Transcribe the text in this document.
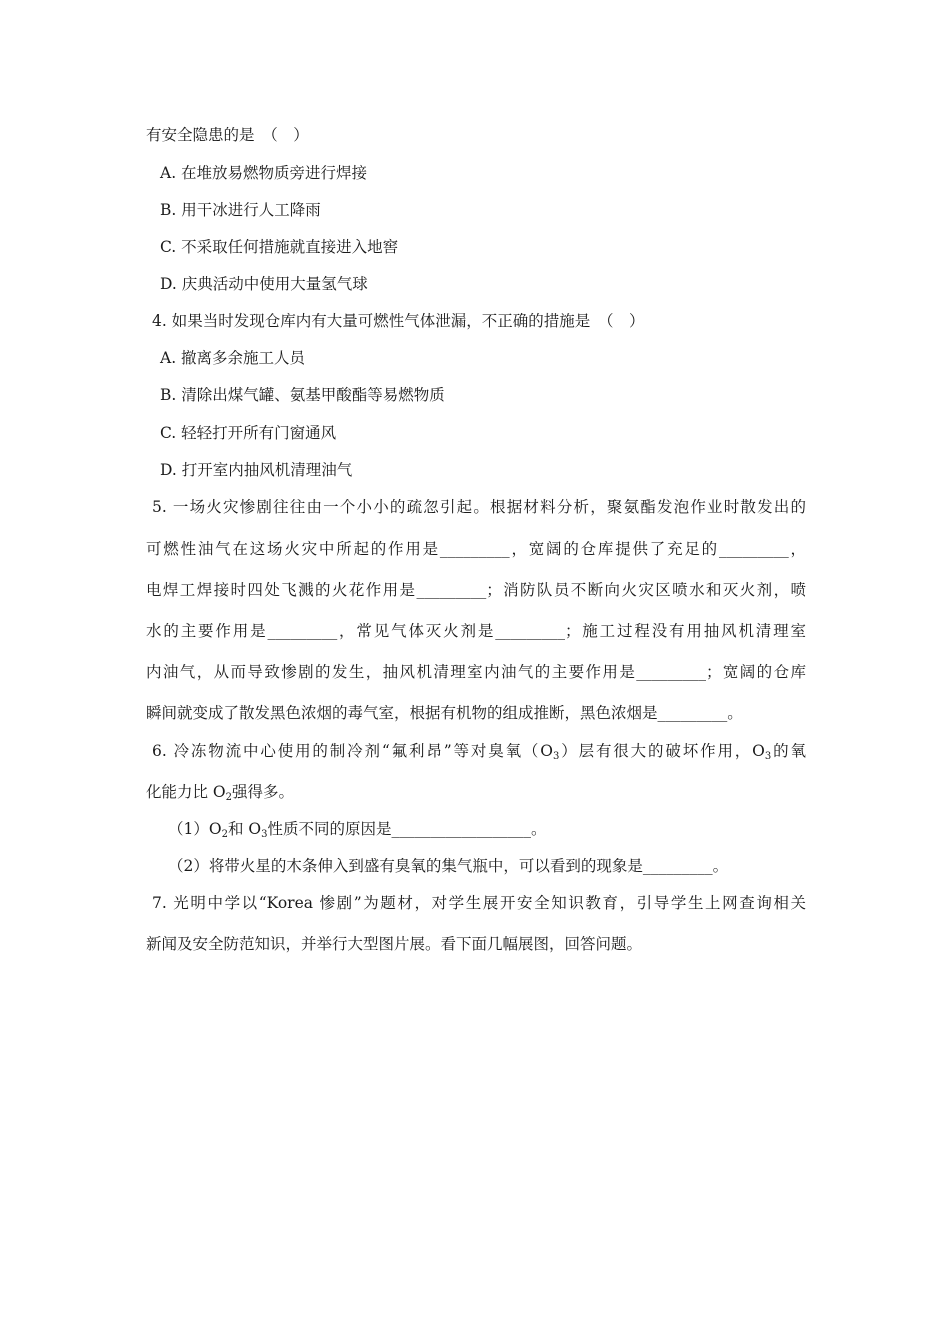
有安全隐患的是　（　）
A. 在堆放易燃物质旁进行焊接
B. 用干冰进行人工降雨
C. 不采取任何措施就直接进入地窖
D. 庆典活动中使用大量氢气球
4. 如果当时发现仓库内有大量可燃性气体泄漏，不正确的措施是　（　）
A. 撤离多余施工人员
B. 清除出煤气罐、氨基甲酸酯等易燃物质
C. 轻轻打开所有门窗通风
D. 打开室内抽风机清理油气
5. 一场火灾惨剧往往由一个小小的疏忽引起。根据材料分析，聚氨酯发泡作业时散发出的
可燃性油气在这场火灾中所起的作用是_________，宽阔的仓库提供了充足的_________，
电焊工焊接时四处飞溅的火花作用是_________；消防队员不断向火灾区喷水和灭火剂，喷
水的主要作用是_________，常见气体灭火剂是_________；施工过程没有用抽风机清理室
内油气，从而导致惨剧的发生，抽风机清理室内油气的主要作用是_________；宽阔的仓库
瞬间就变成了散发黑色浓烟的毒气室，根据有机物的组成推断，黑色浓烟是_________。
6. 冷冻物流中心使用的制冷剂“氟利昂”等对臭氧$(O_3)$层有很大的破坏作用，$O_3$的氧
化能力比 $O_2$强得多。
$(1)O_2$和 $O_3$性质不同的原因是__________________。
（2）将带火星的木条伸入到盛有臭氧的集气瓶中，可以看到的现象是_________。
7. 光明中学以“Korea 惨剧”为题材，对学生展开安全知识教育，引导学生上网查询相关
新闻及安全防范知识，并举行大型图片展。看下面几幅展图，回答问题。
